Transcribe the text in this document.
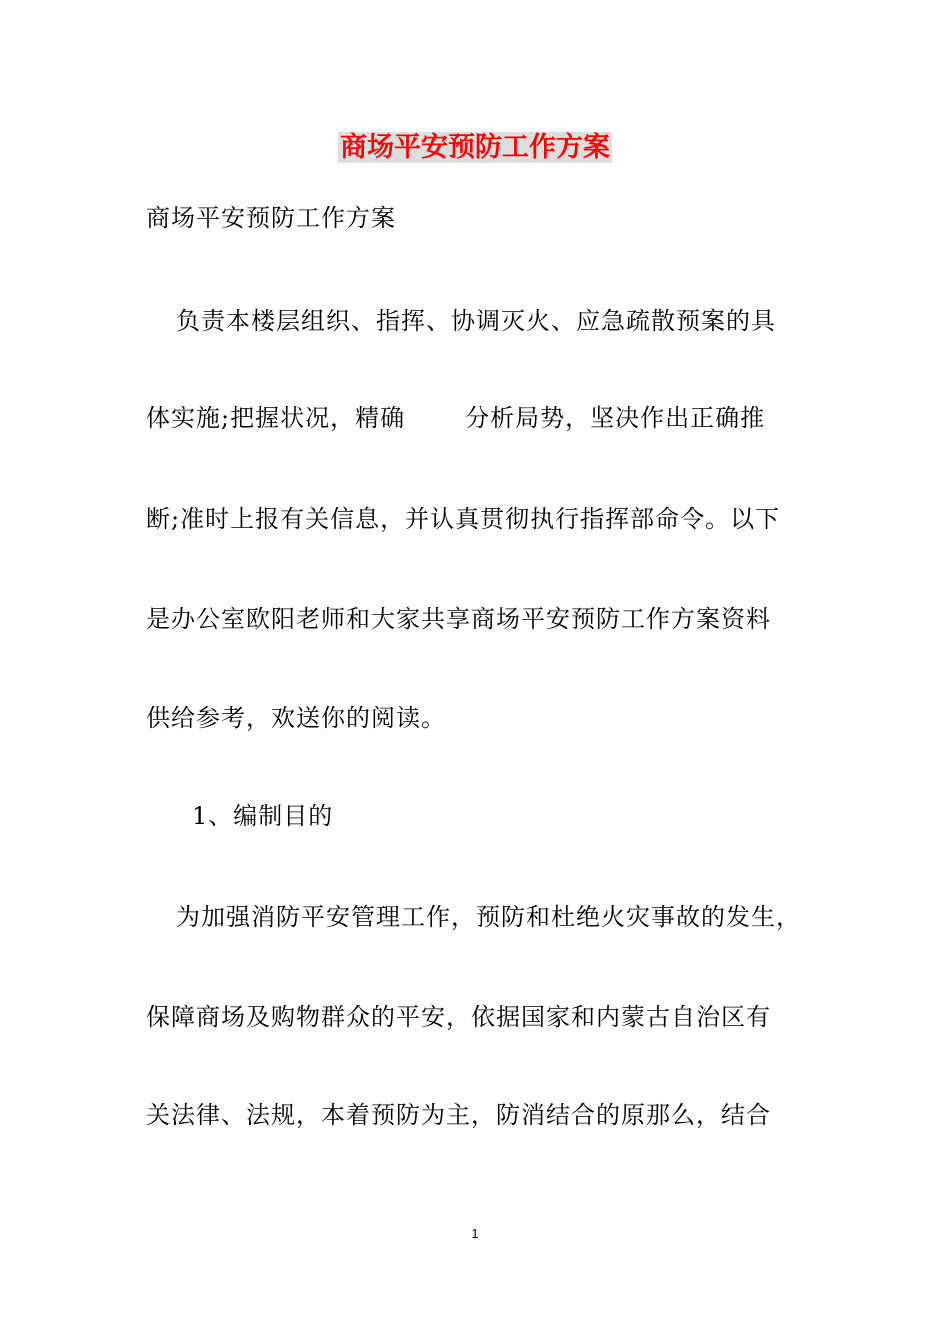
商场平安预防工作方案
商场平安预防工作方案
负责本楼层组织、指挥、协调灭火、应急疏散预案的具
体实施;把握状况，精确	分析局势，坚决作出正确推
断;准时上报有关信息，并认真贯彻执行指挥部命令。以下
是办公室欧阳老师和大家共享商场平安预防工作方案资料
供给参考，欢送你的阅读。
1、编制目的
为加强消防平安管理工作，预防和杜绝火灾事故的发生，
保障商场及购物群众的平安，依据国家和内蒙古自治区有
关法律、法规，本着预防为主，防消结合的原那么，结合
1
